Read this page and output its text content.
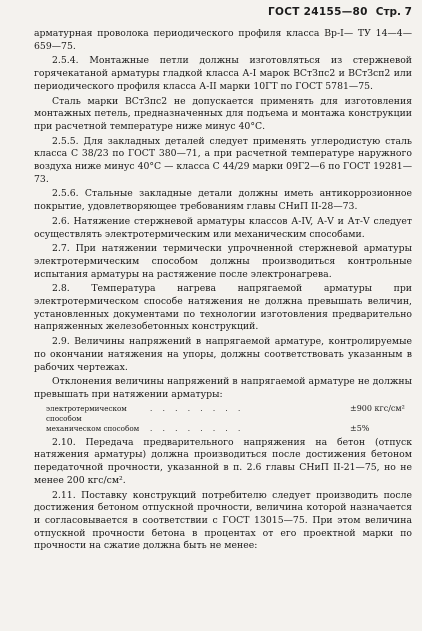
ГОСТ 24155—80 Стр. 7

арматурная проволока периодического профиля класса Вр-I— ТУ 14—4—659—75.

2.5.4. Монтажные петли должны изготовляться из стержневой горячекатаной арматуры гладкой класса А-I марок ВСтЗпс2 и ВСтЗсп2 или периодического профиля класса А-II марки 10ГТ по ГОСТ 5781—75.

Сталь марки ВСтЗпс2 не допускается применять для изготовления монтажных петель, предназначенных для подъема и монтажа конструкции при расчетной температуре ниже минус 40°С.

2.5.5. Для закладных деталей следует применять углеродистую сталь класса С 38/23 по ГОСТ 380—71, а при расчетной температуре наружного воздуха ниже минус 40°С — класса С 44/29 марки 09Г2—6 по ГОСТ 19281—73.

2.5.6. Стальные закладные детали должны иметь антикоррозионное покрытие, удовлетворяющее требованиям главы СНиП II-28—73.

2.6. Натяжение стержневой арматуры классов А-IV, А-V и Ат-V следует осуществлять электротермическим или механическим способами.

2.7. При натяжении термически упрочненной стержневой арматуры электротермическим способом должны производиться контрольные испытания арматуры на растяжение после электронагрева.

2.8. Температура нагрева напрягаемой арматуры при электротермическом способе натяжения не должна превышать величин, установленных документами по технологии изготовления предварительно напряженных железобетонных конструкций.

2.9. Величины напряжений в напрягаемой арматуре, контролируемые по окончании натяжения на упоры, должны соответствовать указанным в рабочих чертежах.

Отклонения величины напряжений в напрягаемой арматуре не должны превышать при натяжении арматуры:

электротермическом способом
. . . . . . . .	±900 кгс/см²
механическом способом	. . . . . . . .	±5%

2.10. Передача предварительного напряжения на бетон (отпуск натяжения арматуры) должна производиться после достижения бетоном передаточной прочности, указанной в п. 2.6 главы СНиП II-21—75, но не менее 200 кгс/см².

2.11. Поставку конструкций потребителю следует производить после достижения бетоном отпускной прочности, величина которой назначается и согласовывается в соответствии с ГОСТ 13015—75. При этом величина отпускной прочности бетона в процентах от его проектной марки по прочности на сжатие должна быть не менее:
